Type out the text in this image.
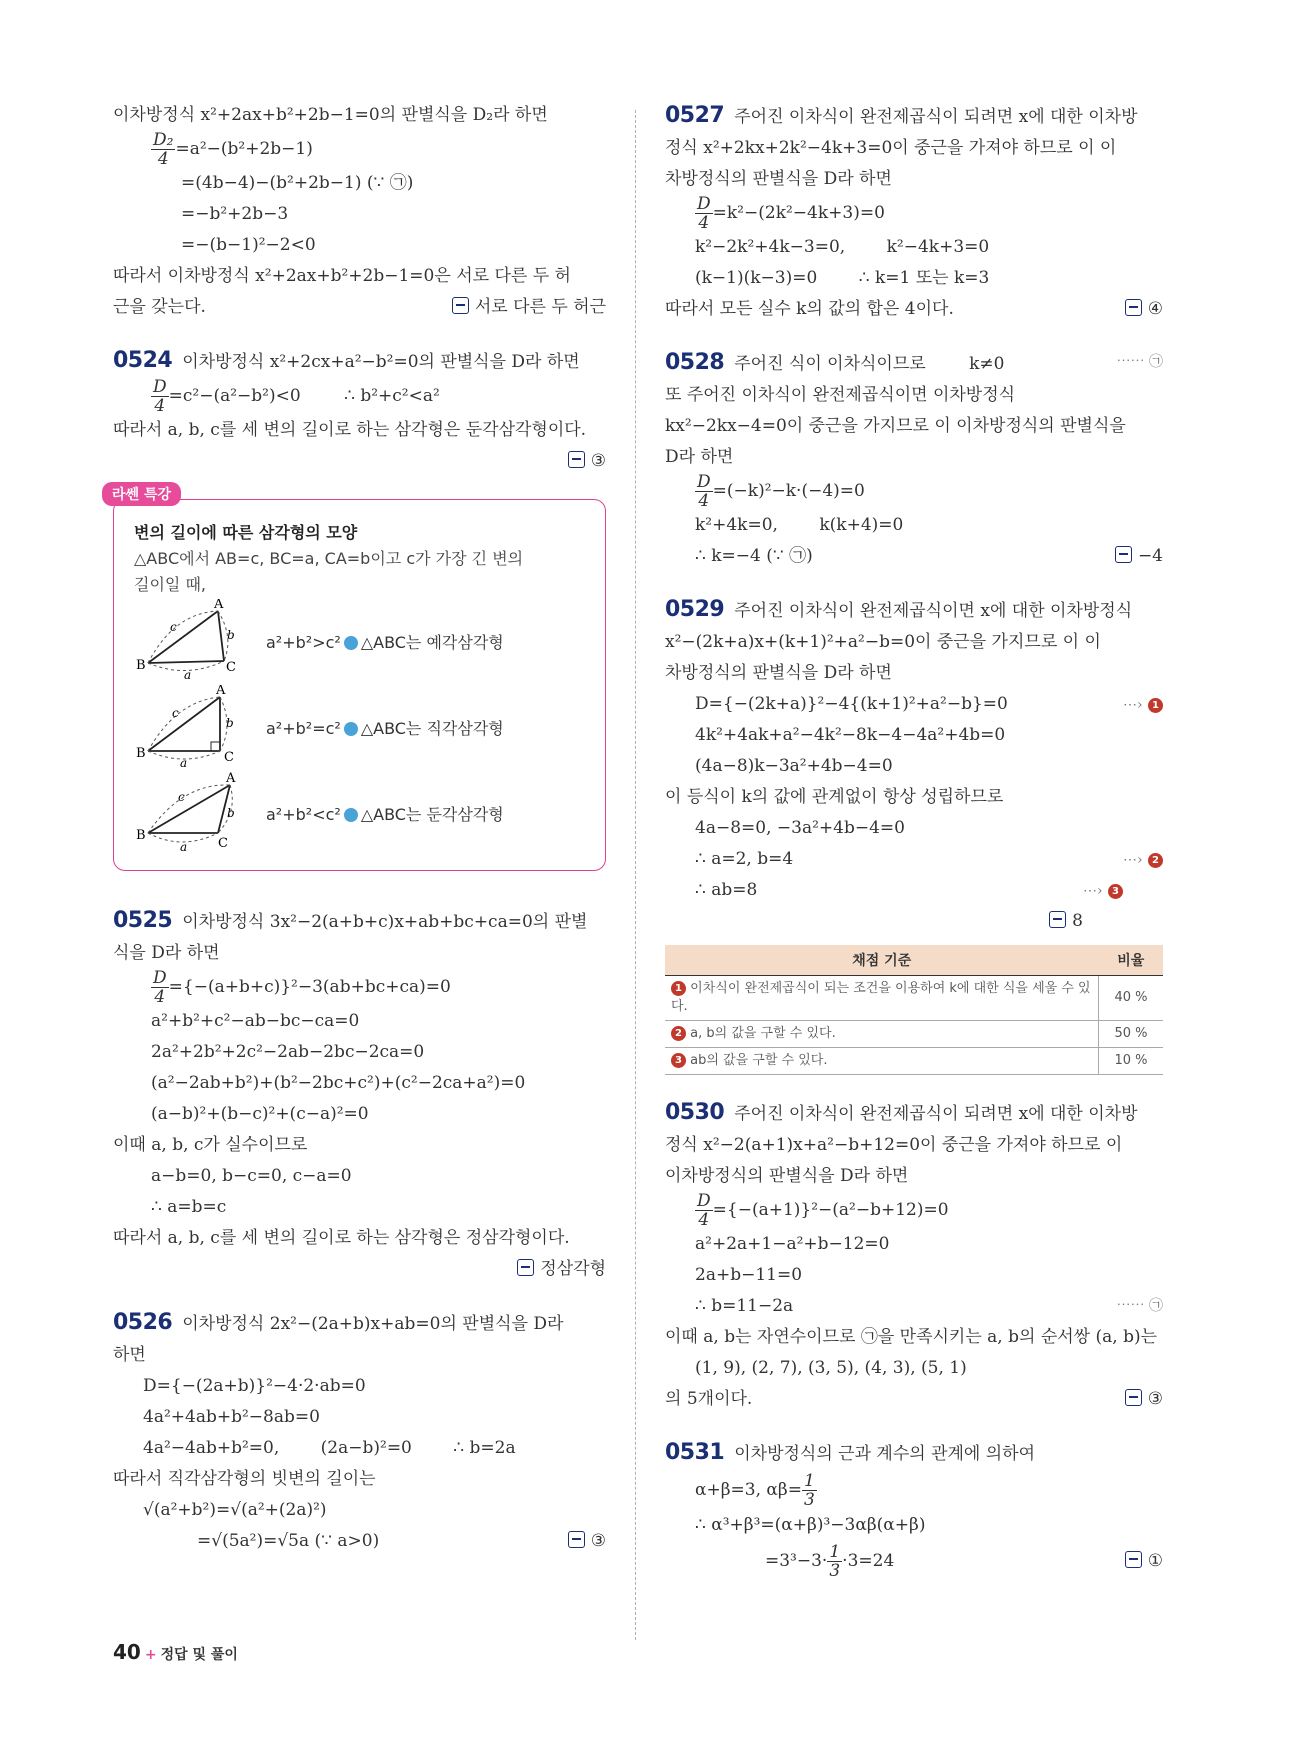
이차방정식 x²+2ax+b²+2b−1=0의 판별식을 D₂라 하면
$\frac{\text{D₂}}{4} =a^2-(b^2+2b-1)$
=(4b−4)−(b²+2b−1) (∵ ㉠)
=−b²+2b−3
=−(b−1)²−2<0
따라서 이차방정식 x²+2ax+b²+2b−1=0은 서로 다른 두 허
근을 갖는다.	서로 다른 두 허근
0524 이차방정식 x²+2cx+a²−b²=0의 판별식을 D라 하면
$\frac{D}{4} =c^2-(a^2-b^2)<0$	∴ b²+c²<a²
따라서 a, b, c를 세 변의 길이로 하는 삼각형은 둔각삼각형이다.
③
라쎈 특강
변의 길이에 따른 삼각형의 모양
△ABC에서 AB=c, BC=a, CA=b이고 c가 가장 긴 변의
길이일 때,
A
B	C
c
b
a
a²+b²>c² △ABC는 예각삼각형
A
B	C
c
b
a
a²+b²=c² △ABC는 직각삼각형
A
B
C
c
b
a
a²+b²<c² △ABC는 둔각삼각형
0525 이차방정식 3x²−2(a+b+c)x+ab+bc+ca=0의 판별
식을 D라 하면
$\frac{D}{4} =\{-(a+b+c)\}^2-3(ab+bc+ca)=0$
a²+b²+c²−ab−bc−ca=0
2a²+2b²+2c²−2ab−2bc−2ca=0
(a²−2ab+b²)+(b²−2bc+c²)+(c²−2ca+a²)=0
(a−b)²+(b−c)²+(c−a)²=0
이때 a, b, c가 실수이므로
a−b=0, b−c=0, c−a=0
∴ a=b=c
따라서 a, b, c를 세 변의 길이로 하는 삼각형은 정삼각형이다.
정삼각형
0526 이차방정식 2x²−(2a+b)x+ab=0의 판별식을 D라
하면
D={−(2a+b)}²−4·2·ab=0
4a²+4ab+b²−8ab=0
4a²−4ab+b²=0, (2a−b)²=0 ∴ b=2a
따라서 직각삼각형의 빗변의 길이는
√(a²+b²)=√(a²+(2a)²)
=√(5a²)=√5a (∵ a>0)	③
0527 주어진 이차식이 완전제곱식이 되려면 x에 대한 이차방
정식 x²+2kx+2k²−4k+3=0이 중근을 가져야 하므로 이 이
차방정식의 판별식을 D라 하면
$\frac{D}{4} =k^2-(2k^2-4k+3)=0$
k²−2k²+4k−3=0, k²−4k+3=0
(k−1)(k−3)=0 ∴ k=1 또는 k=3
따라서 모든 실수 k의 값의 합은 4이다.	④
0528 주어진 식이 이차식이므로	k≠0	⋯⋯ ㉠
또 주어진 이차식이 완전제곱식이면 이차방정식
kx²−2kx−4=0이 중근을 가지므로 이 이차방정식의 판별식을
D라 하면
$\frac{D}{4} =(-k)^2-k\cdot(-4)=0$
k²+4k=0, k(k+4)=0
∴ k=−4 (∵ ㉠)	−4
0529 주어진 이차식이 완전제곱식이면 x에 대한 이차방정식
x²−(2k+a)x+(k+1)²+a²−b=0이 중근을 가지므로 이 이
차방정식의 판별식을 D라 하면
D={−(2k+a)}²−4{(k+1)²+a²−b}=0	⋯› 1
4k²+4ak+a²−4k²−8k−4−4a²+4b=0
(4a−8)k−3a²+4b−4=0
이 등식이 k의 값에 관계없이 항상 성립하므로
4a−8=0, −3a²+4b−4=0
∴ a=2, b=4	⋯› 2
∴ ab=8	⋯› 3
8
채점 기준	비율
1 이차식이 완전제곱식이 되는 조건을 이용하여 k에 대한 식을 세울 수 있다.	40 %
2 a, b의 값을 구할 수 있다.	50 %
3 ab의 값을 구할 수 있다.	10 %
0530 주어진 이차식이 완전제곱식이 되려면 x에 대한 이차방
정식 x²−2(a+1)x+a²−b+12=0이 중근을 가져야 하므로 이
이차방정식의 판별식을 D라 하면
$\frac{D}{4} =\{-(a+1)\}^2-(a^2-b+12)=0$
a²+2a+1−a²+b−12=0
2a+b−11=0
∴ b=11−2a	⋯⋯ ㉠
이때 a, b는 자연수이므로 ㉠을 만족시키는 a, b의 순서쌍 (a, b)는
(1, 9), (2, 7), (3, 5), (4, 3), (5, 1)
의 5개이다.	③
0531 이차방정식의 근과 계수의 관계에 의하여
α+β=3, $\alpha\beta= \frac{1}{3}$
∴ α³+β³=(α+β)³−3αβ(α+β)
$=3^3-3\cdot \frac{1}{3} \cdot 3=24$	①
40 + 정답 및 풀이
